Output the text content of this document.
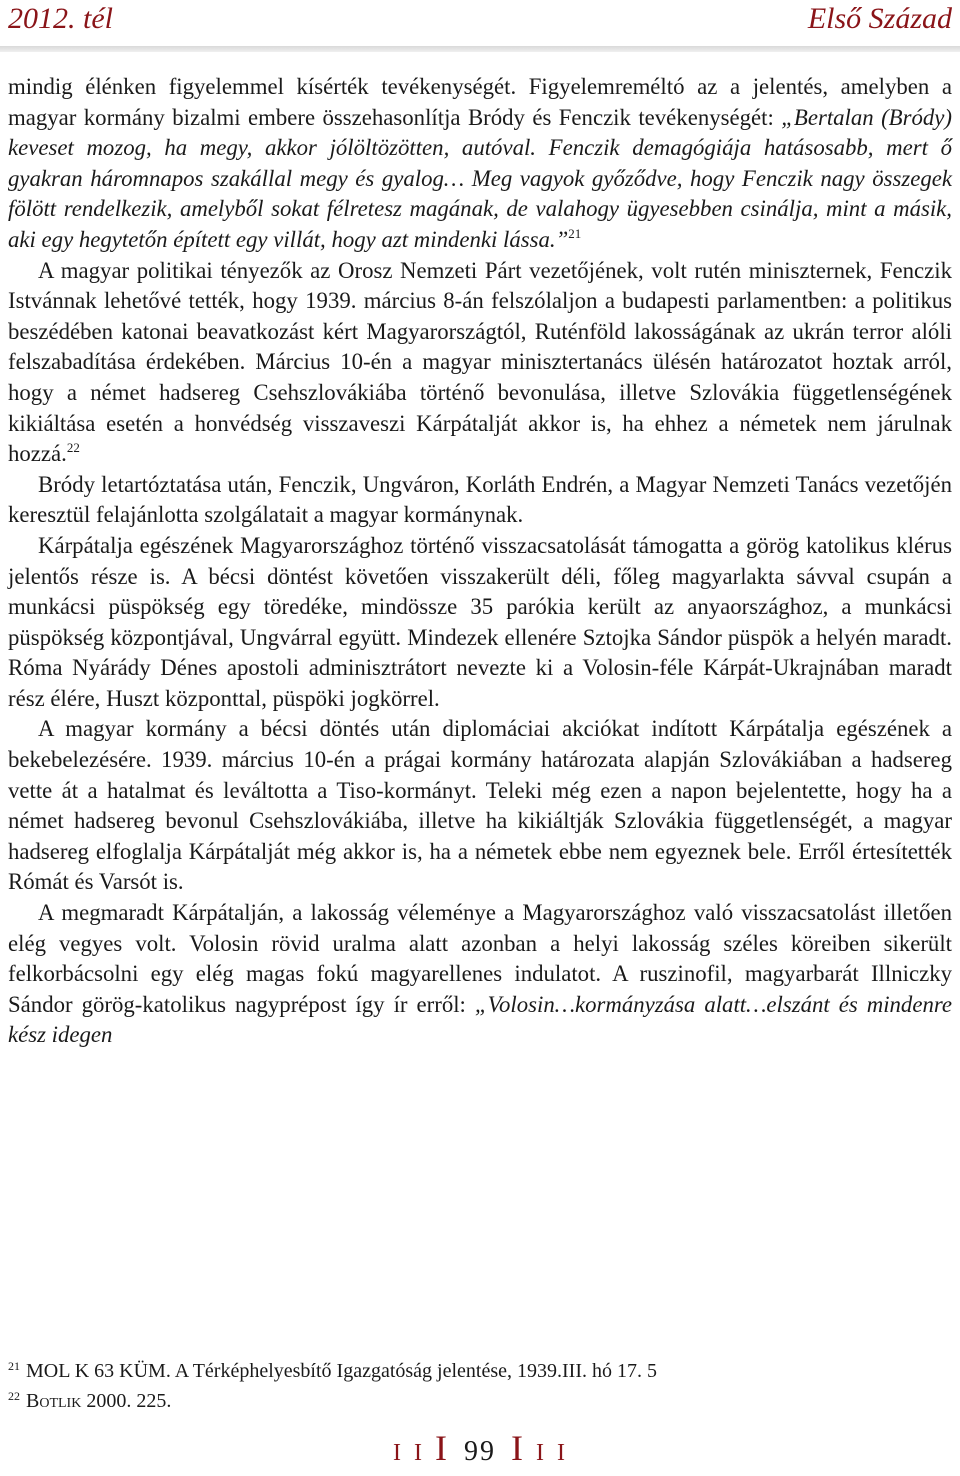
2012. tél	Első Század

mindig élénken figyelemmel kísérték tevékenységét. Figyelemreméltó az a jelentés, amelyben a magyar kormány bizalmi embere összehasonlítja Bródy és Fenczik tevékenységét: „Bertalan (Bródy) keveset mozog, ha megy, akkor jólöltözötten, autóval. Fenczik demagógiája hatásosabb, mert ő gyakran háromnapos szakállal megy és gyalog… Meg vagyok győződve, hogy Fenczik nagy összegek fölött rendelkezik, amelyből sokat félretesz magának, de valahogy ügyesebben csinálja, mint a másik, aki egy hegytetőn épített egy villát, hogy azt mindenki lássa.”$^{21}$

A magyar politikai tényezők az Orosz Nemzeti Párt vezetőjének, volt rutén miniszternek, Fenczik Istvánnak lehetővé tették, hogy 1939. március 8-án felszólaljon a budapesti parlamentben: a politikus beszédében katonai beavatkozást kért Magyarországtól, Ruténföld lakosságának az ukrán terror alóli felszabadítása érdekében. Március 10-én a magyar minisztertanács ülésén határozatot hoztak arról, hogy a német hadsereg Csehszlovákiába történő bevonulása, illetve Szlovákia függetlenségének kikiáltása esetén a honvédség visszaveszi Kárpátalját akkor is, ha ehhez a németek nem járulnak hozzá.$^{22}$

Bródy letartóztatása után, Fenczik, Ungváron, Korláth Endrén, a Magyar Nemzeti Tanács vezetőjén keresztül felajánlotta szolgálatait a magyar kormánynak.

Kárpátalja egészének Magyarországhoz történő visszacsatolását támogatta a görög katolikus klérus jelentős része is. A bécsi döntést követően visszakerült déli, főleg magyarlakta sávval csupán a munkácsi püspökség egy töredéke, mindössze 35 parókia került az anyaországhoz, a munkácsi püspökség központjával, Ungvárral együtt. Mindezek ellenére Sztojka Sándor püspök a helyén maradt. Róma Nyárády Dénes apostoli adminisztrátort nevezte ki a Volosin-féle Kárpát-Ukrajnában maradt rész élére, Huszt központtal, püspöki jogkörrel.

A magyar kormány a bécsi döntés után diplomáciai akciókat indított Kárpátalja egészének a bekebelezésére. 1939. március 10-én a prágai kormány határozata alapján Szlovákiában a hadsereg vette át a hatalmat és leváltotta a Tiso-kormányt. Teleki még ezen a napon bejelentette, hogy ha a német hadsereg bevonul Csehszlovákiába, illetve ha kikiáltják Szlovákia függetlenségét, a magyar hadsereg elfoglalja Kárpátalját még akkor is, ha a németek ebbe nem egyeznek bele. Erről értesítették Rómát és Varsót is.

A megmaradt Kárpátalján, a lakosság véleménye a Magyarországhoz való visszacsatolást illetően elég vegyes volt. Volosin rövid uralma alatt azonban a helyi lakosság széles köreiben sikerült felkorbácsolni egy elég magas fokú magyarellenes indulatot. A ruszinofil, magyarbarát Illniczky Sándor görög-katolikus nagyprépost így ír erről: „Volosin…kormányzása alatt…elszánt és mindenre kész idegen

$^{21}$ MOL K 63 KÜM. A Térképhelyesbítő Igazgatóság jelentése, 1939.III. hó 17. 5
$^{22}$ Botlik 2000. 225.
I I I 99 I I I
